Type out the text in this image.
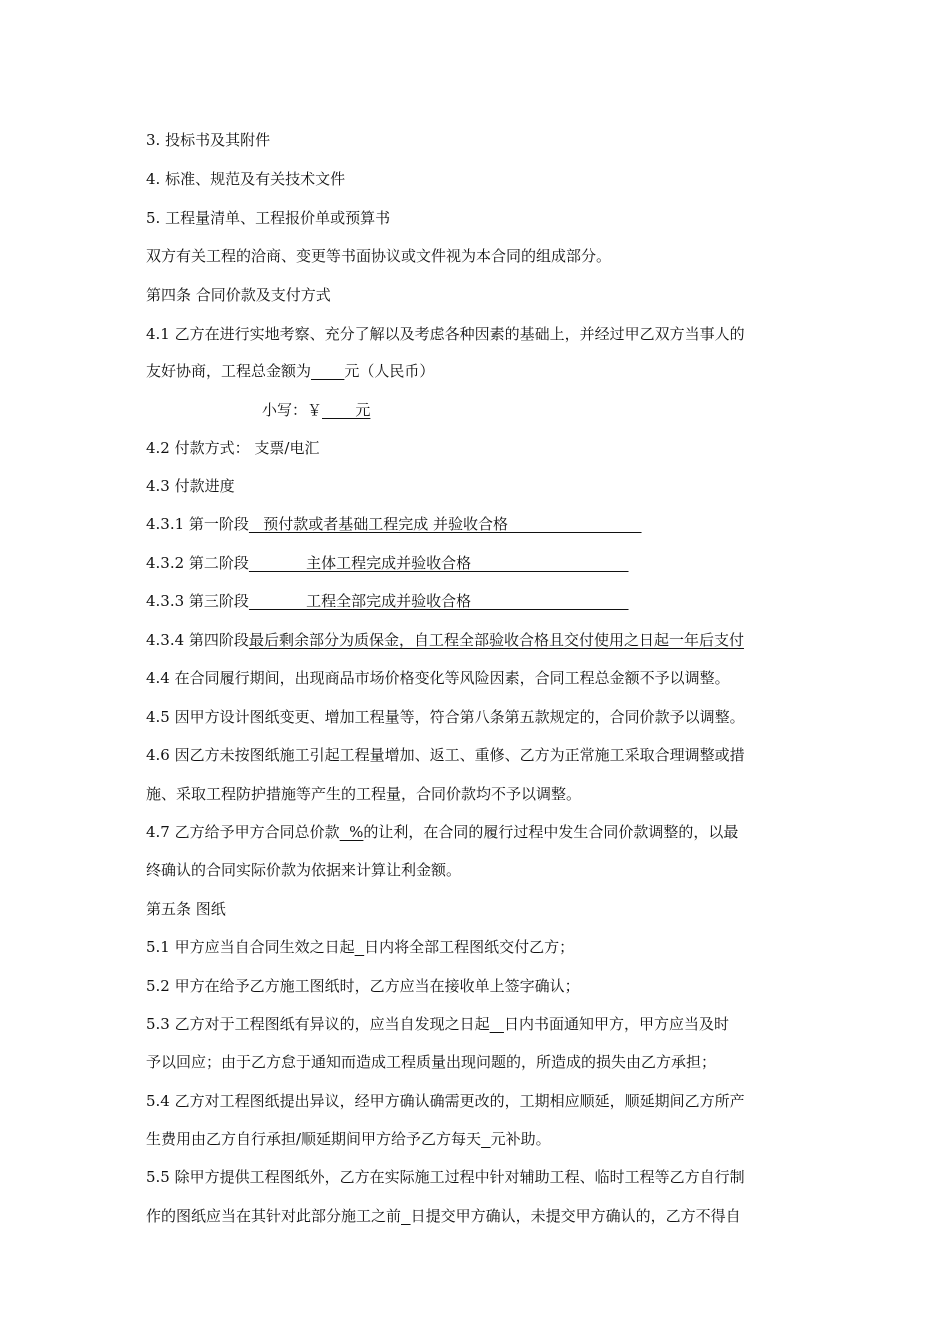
3. 投标书及其附件
4. 标准、规范及有关技术文件
5. 工程量清单、工程报价单或预算书
双方有关工程的洽商、变更等书面协议或文件视为本合同的组成部分。
第四条 合同价款及支付方式
4.1 乙方在进行实地考察、充分了解以及考虑各种因素的基础上，并经过甲乙双方当事人的
友好协商，工程总金额为 元（人民币）
小写：￥       元
4.2 付款方式： 支票/电汇
4.3 付款进度
4.3.1 第一阶段   预付款或者基础工程完成 并验收合格
4.3.2 第二阶段            主体工程完成并验收合格
4.3.3 第三阶段            工程全部完成并验收合格
4.3.4 第四阶段最后剩余部分为质保金，自工程全部验收合格且交付使用之日起一年后支付
4.4 在合同履行期间，出现商品市场价格变化等风险因素，合同工程总金额不予以调整。
4.5 因甲方设计图纸变更、增加工程量等，符合第八条第五款规定的，合同价款予以调整。
4.6 因乙方未按图纸施工引起工程量增加、返工、重修、乙方为正常施工采取合理调整或措
施、采取工程防护措施等产生的工程量，合同价款均不予以调整。
4.7 乙方给予甲方合同总价款  %的让利，在合同的履行过程中发生合同价款调整的，以最
终确认的合同实际价款为依据来计算让利金额。
第五条 图纸
5.1 甲方应当自合同生效之日起 日内将全部工程图纸交付乙方；
5.2 甲方在给予乙方施工图纸时，乙方应当在接收单上签字确认；
5.3 乙方对于工程图纸有异议的，应当自发现之日起 日内书面通知甲方，甲方应当及时
予以回应；由于乙方怠于通知而造成工程质量出现问题的，所造成的损失由乙方承担；
5.4 乙方对工程图纸提出异议，经甲方确认确需更改的，工期相应顺延，顺延期间乙方所产
生费用由乙方自行承担/顺延期间甲方给予乙方每天 元补助。
5.5 除甲方提供工程图纸外，乙方在实际施工过程中针对辅助工程、临时工程等乙方自行制
作的图纸应当在其针对此部分施工之前 日提交甲方确认，未提交甲方确认的，乙方不得自
